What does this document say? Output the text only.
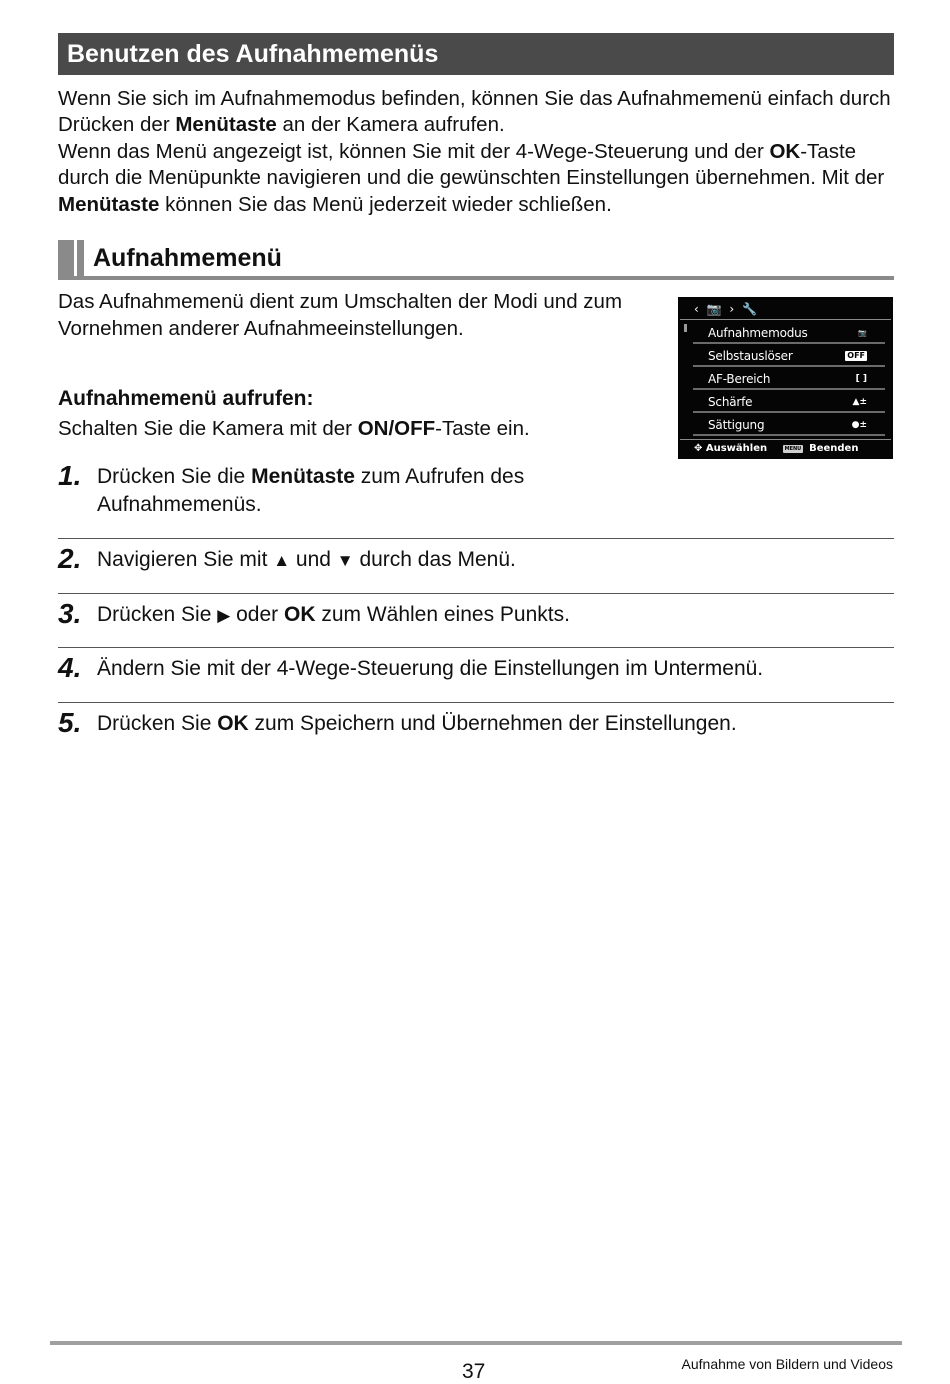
Benutzen des Aufnahmemenüs

Wenn Sie sich im Aufnahmemodus befinden, können Sie das Aufnahmemenü einfach durch Drücken der Menütaste an der Kamera aufrufen.

Wenn das Menü angezeigt ist, können Sie mit der 4-Wege-Steuerung und der OK-Taste durch die Menüpunkte navigieren und die gewünschten Einstellungen übernehmen. Mit der Menütaste können Sie das Menü jederzeit wieder schließen.

Aufnahmemenü

Das Aufnahmemenü dient zum Umschalten der Modi und zum Vornehmen anderer Aufnahmeeinstellungen.

Aufnahmemenü aufrufen:

Schalten Sie die Kamera mit der ON/OFF-Taste ein.

‹ 📷 › 🔧
Aufnahmemodus	📷

Selbstauslöser	OFF
AF-Bereich	[ ]
Schärfe	▲±
Sättigung	●±
✥ Auswählen	MENU Beenden
1. Drücken Sie die Menütaste zum Aufrufen des Aufnahmemenüs.
2. Navigieren Sie mit ▲ und ▼ durch das Menü.
3. Drücken Sie ▶ oder OK zum Wählen eines Punkts.
4. Ändern Sie mit der 4-Wege-Steuerung die Einstellungen im Untermenü.
5. Drücken Sie OK zum Speichern und Übernehmen der Einstellungen.
37	Aufnahme von Bildern und Videos
